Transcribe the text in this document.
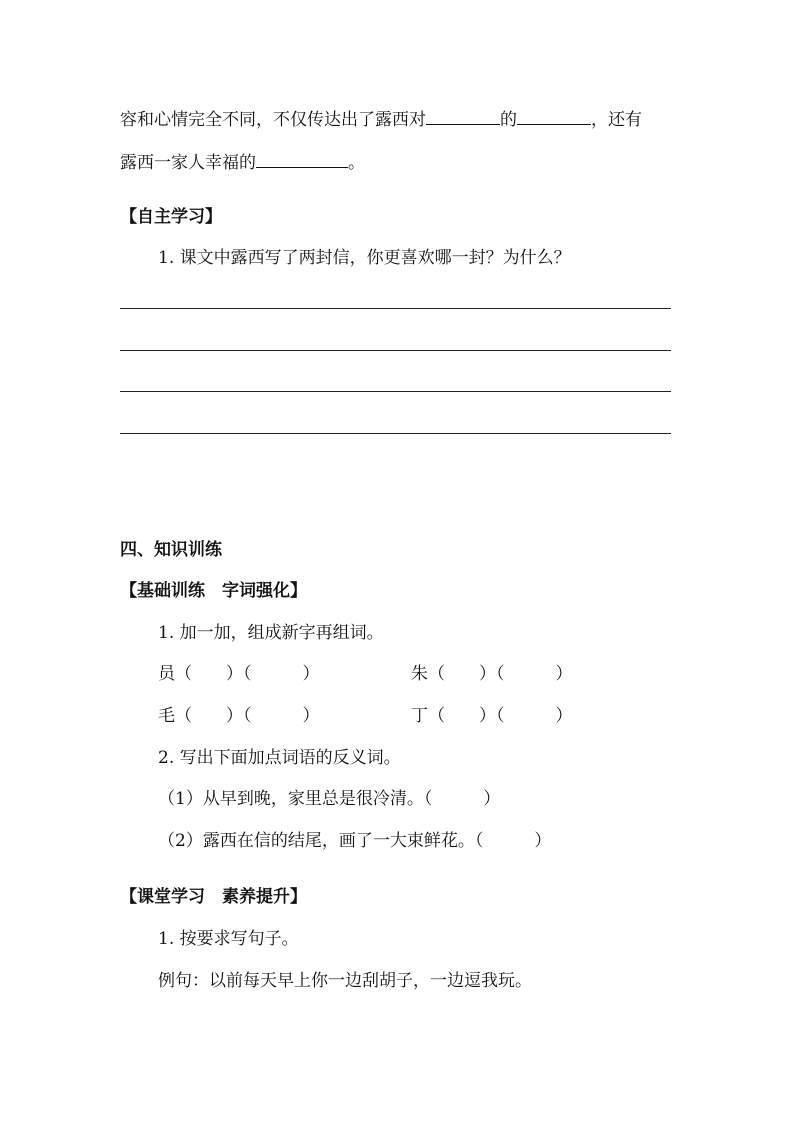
容和心情完全不同，不仅传达出了露西对	的	，还有
露西一家人幸福的	。
【自主学习】
1. 课文中露西写了两封信，你更喜欢哪一封？为什么？
四、知识训练
【基础训练　字词强化】
1. 加一加，组成新字再组词。
员（　　）（　　　）	朱（　　）（　　　）
毛（　　）（　　　）	丁（　　）（　　　）
2. 写出下面加点词语的反义词。
（1）从早到晚，家里总是很冷清。（　　　）
（2）露西在信的结尾，画了一大束鲜花。（　　　）
【课堂学习　素养提升】
1. 按要求写句子。
例句：以前每天早上你一边刮胡子，一边逗我玩。
